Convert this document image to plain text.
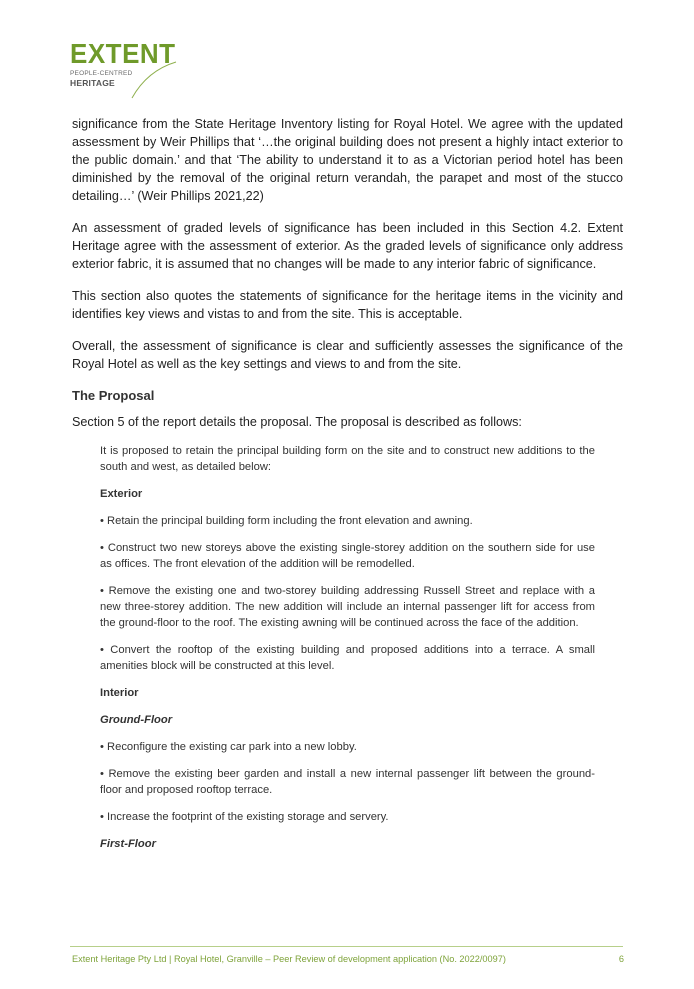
EXTENT
PEOPLE-CENTRED
HERITAGE

significance from the State Heritage Inventory listing for Royal Hotel. We agree with the updated assessment by Weir Phillips that ‘…the original building does not present a highly intact exterior to the public domain.’ and that ‘The ability to understand it to as a Victorian period hotel has been diminished by the removal of the original return verandah, the parapet and most of the stucco detailing…’ (Weir Phillips 2021,22)

An assessment of graded levels of significance has been included in this Section 4.2. Extent Heritage agree with the assessment of exterior. As the graded levels of significance only address exterior fabric, it is assumed that no changes will be made to any interior fabric of significance.

This section also quotes the statements of significance for the heritage items in the vicinity and identifies key views and vistas to and from the site. This is acceptable.

Overall, the assessment of significance is clear and sufficiently assesses the significance of the Royal Hotel as well as the key settings and views to and from the site.

The Proposal

Section 5 of the report details the proposal. The proposal is described as follows:

It is proposed to retain the principal building form on the site and to construct new additions to the south and west, as detailed below:

Exterior

• Retain the principal building form including the front elevation and awning.

• Construct two new storeys above the existing single-storey addition on the southern side for use as offices. The front elevation of the addition will be remodelled.

• Remove the existing one and two-storey building addressing Russell Street and replace with a new three-storey addition. The new addition will include an internal passenger lift for access from the ground-floor to the roof. The existing awning will be continued across the face of the addition.

• Convert the rooftop of the existing building and proposed additions into a terrace. A small amenities block will be constructed at this level.

Interior

Ground-Floor

• Reconfigure the existing car park into a new lobby.

• Remove the existing beer garden and install a new internal passenger lift between the ground-floor and proposed rooftop terrace.

• Increase the footprint of the existing storage and servery.

First-Floor

Extent Heritage Pty Ltd | Royal Hotel, Granville – Peer Review of development application (No. 2022/0097)	6
